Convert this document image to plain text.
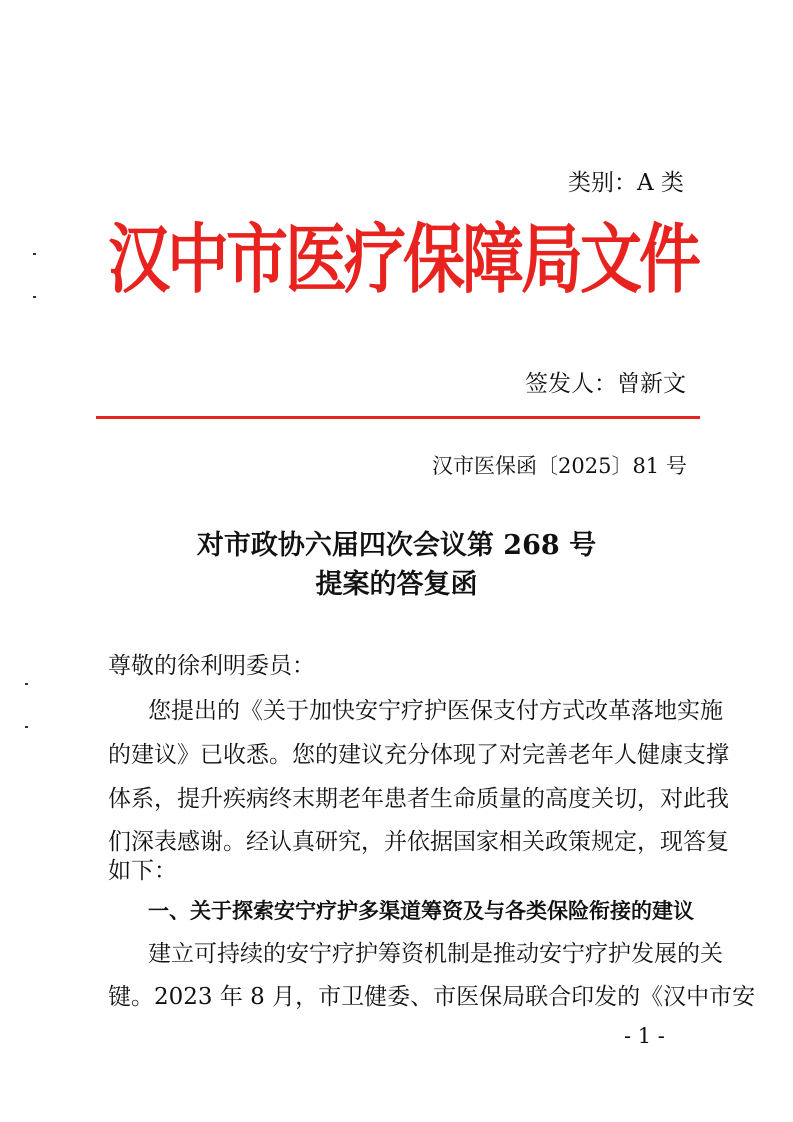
类别：A 类
汉中市医疗保障局文件
签发人：曾新文
汉市医保函〔2025〕81 号
对市政协六届四次会议第 268 号
提案的答复函
尊敬的徐利明委员：
您提出的《关于加快安宁疗护医保支付方式改革落地实施
的建议》已收悉。您的建议充分体现了对完善老年人健康支撑
体系，提升疾病终末期老年患者生命质量的高度关切，对此我
们深表感谢。经认真研究，并依据国家相关政策规定，现答复
如下：
一、关于探索安宁疗护多渠道筹资及与各类保险衔接的建议
建立可持续的安宁疗护筹资机制是推动安宁疗护发展的关
键。2023 年 8 月，市卫健委、市医保局联合印发的《汉中市安
- 1 -
